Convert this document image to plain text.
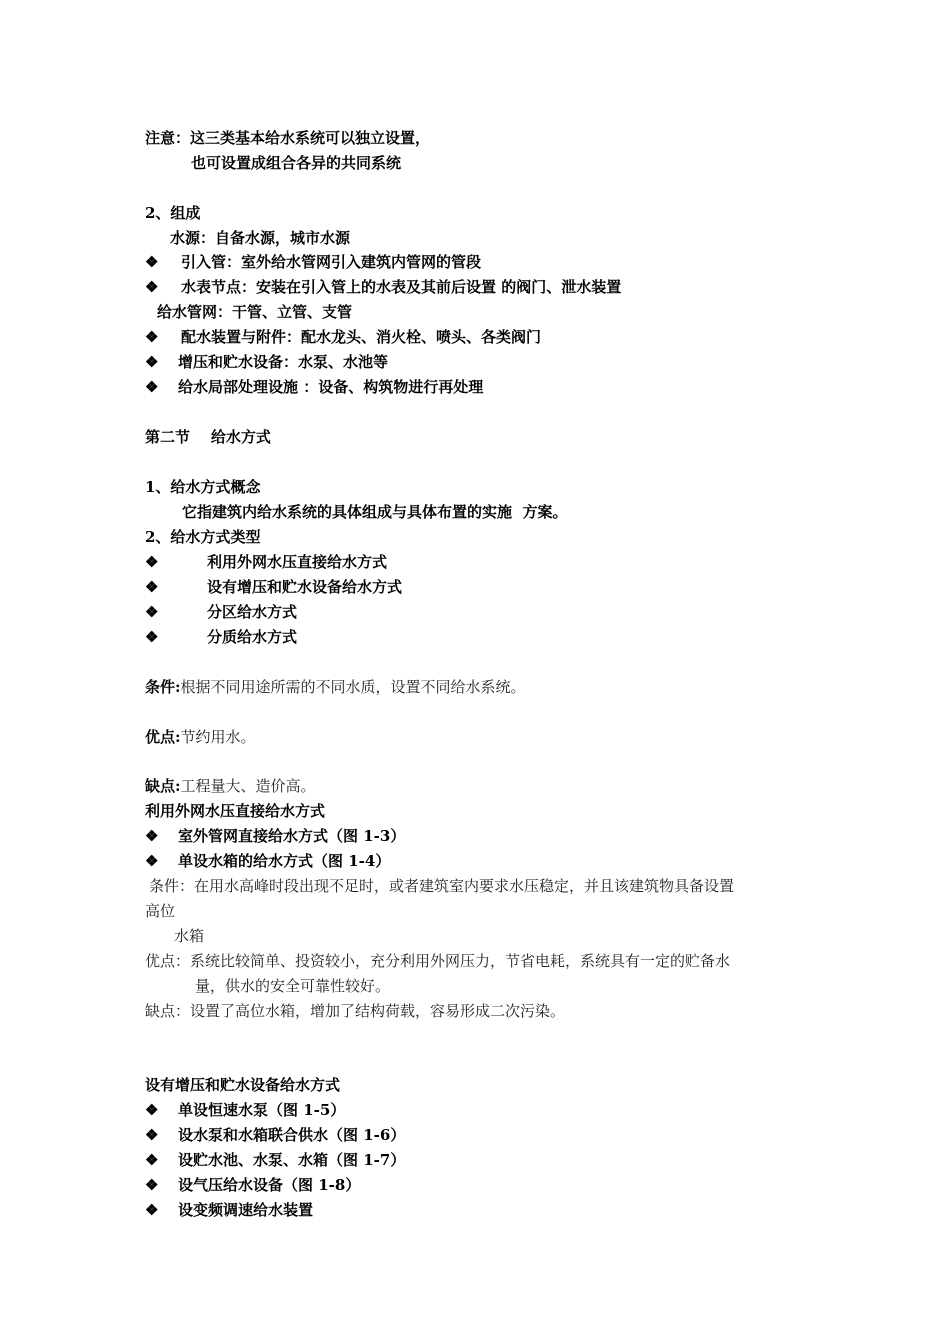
注意：这三类基本给水系统可以独立设置，
也可设置成组合各异的共同系统
2、组成
水源：自备水源，城市水源
❖ 引入管：室外给水管网引入建筑内管网的管段
❖ 水表节点：安装在引入管上的水表及其前后设置 的阀门、泄水装置
给水管网：干管、立管、支管
❖ 配水装置与附件：配水龙头、消火栓、喷头、各类阀门
❖ 增压和贮水设备：水泵、水池等
❖ 给水局部处理设施 ：设备、构筑物进行再处理
第二节    给水方式
1、给水方式概念
它指建筑内给水系统的具体组成与具体布置的实施  方案。
2、给水方式类型
❖	利用外网水压直接给水方式
❖	设有增压和贮水设备给水方式
❖	分区给水方式
❖	分质给水方式
条件:根据不同用途所需的不同水质，设置不同给水系统。
优点:节约用水。
缺点:工程量大、造价高。
利用外网水压直接给水方式
❖ 室外管网直接给水方式（图 1-3）
❖ 单设水箱的给水方式（图 1-4）
条件：在用水高峰时段出现不足时，或者建筑室内要求水压稳定，并且该建筑物具备设置
高位
水箱
优点：系统比较简单、投资较小，充分利用外网压力，节省电耗，系统具有一定的贮备水
量，供水的安全可靠性较好。
缺点：设置了高位水箱，增加了结构荷载，容易形成二次污染。
设有增压和贮水设备给水方式
❖ 单设恒速水泵（图 1-5）
❖ 设水泵和水箱联合供水（图 1-6）
❖ 设贮水池、水泵、水箱（图 1-7）
❖ 设气压给水设备（图 1-8）
❖ 设变频调速给水装置
